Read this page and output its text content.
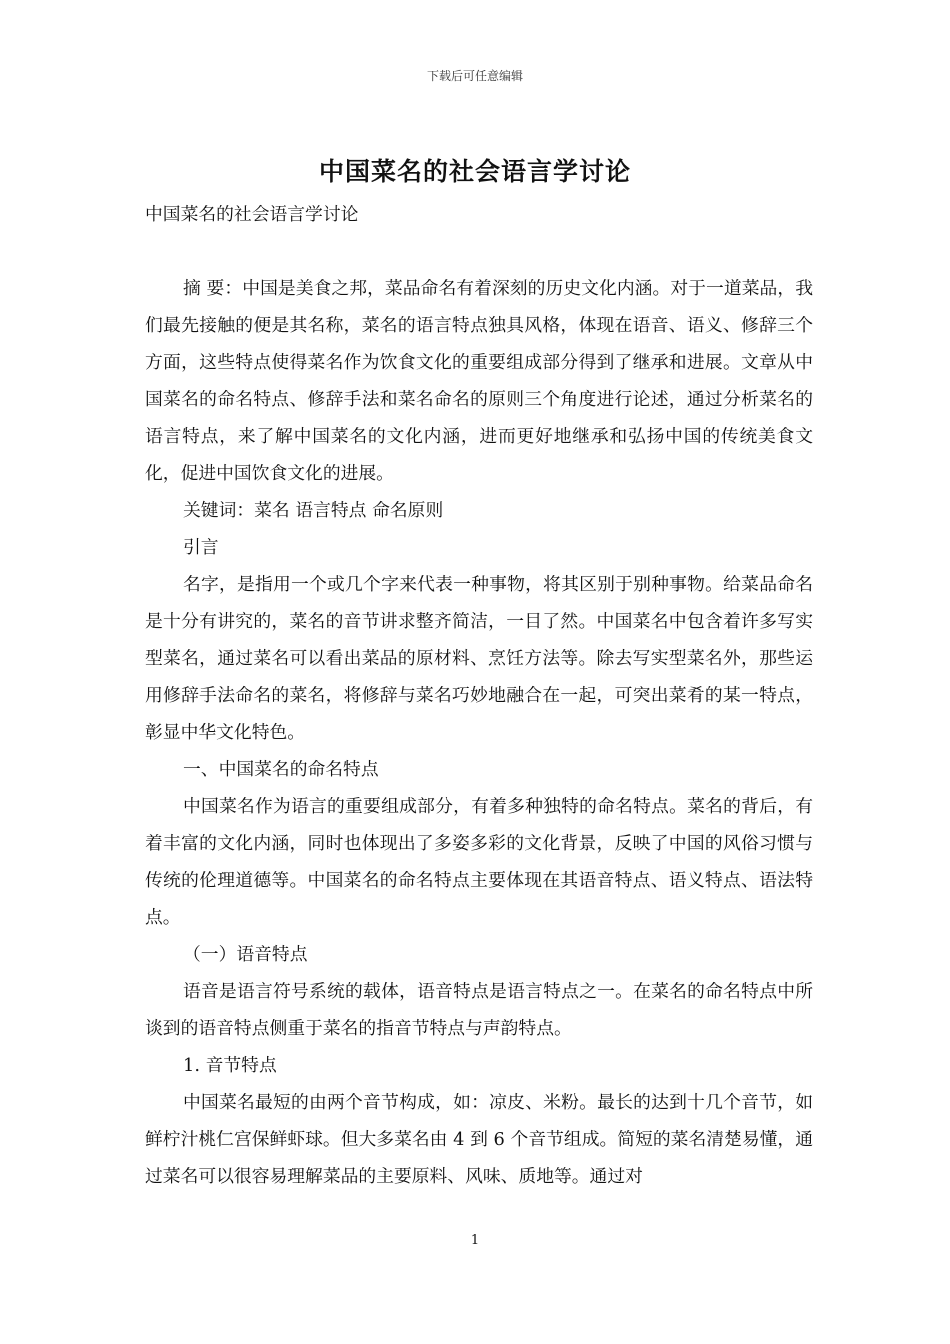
下载后可任意编辑
中国菜名的社会语言学讨论

中国菜名的社会语言学讨论

摘 要：中国是美食之邦，菜品命名有着深刻的历史文化内涵。对于一道菜品，我们最先接触的便是其名称，菜名的语言特点独具风格，体现在语音、语义、修辞三个方面，这些特点使得菜名作为饮食文化的重要组成部分得到了继承和进展。文章从中国菜名的命名特点、修辞手法和菜名命名的原则三个角度进行论述，通过分析菜名的语言特点，来了解中国菜名的文化内涵，进而更好地继承和弘扬中国的传统美食文化，促进中国饮食文化的进展。

关键词：菜名 语言特点 命名原则

引言

名字，是指用一个或几个字来代表一种事物，将其区别于别种事物。给菜品命名是十分有讲究的，菜名的音节讲求整齐简洁，一目了然。中国菜名中包含着许多写实型菜名，通过菜名可以看出菜品的原材料、烹饪方法等。除去写实型菜名外，那些运用修辞手法命名的菜名，将修辞与菜名巧妙地融合在一起，可突出菜肴的某一特点，彰显中华文化特色。

一、中国菜名的命名特点

中国菜名作为语言的重要组成部分，有着多种独特的命名特点。菜名的背后，有着丰富的文化内涵，同时也体现出了多姿多彩的文化背景，反映了中国的风俗习惯与传统的伦理道德等。中国菜名的命名特点主要体现在其语音特点、语义特点、语法特点。

（一）语音特点

语音是语言符号系统的载体，语音特点是语言特点之一。在菜名的命名特点中所谈到的语音特点侧重于菜名的指音节特点与声韵特点。

1. 音节特点

中国菜名最短的由两个音节构成，如：凉皮、米粉。最长的达到十几个音节，如鲜柠汁桃仁宫保鲜虾球。但大多菜名由 4 到 6 个音节组成。简短的菜名清楚易懂，通过菜名可以很容易理解菜品的主要原料、风味、质地等。通过对

1
